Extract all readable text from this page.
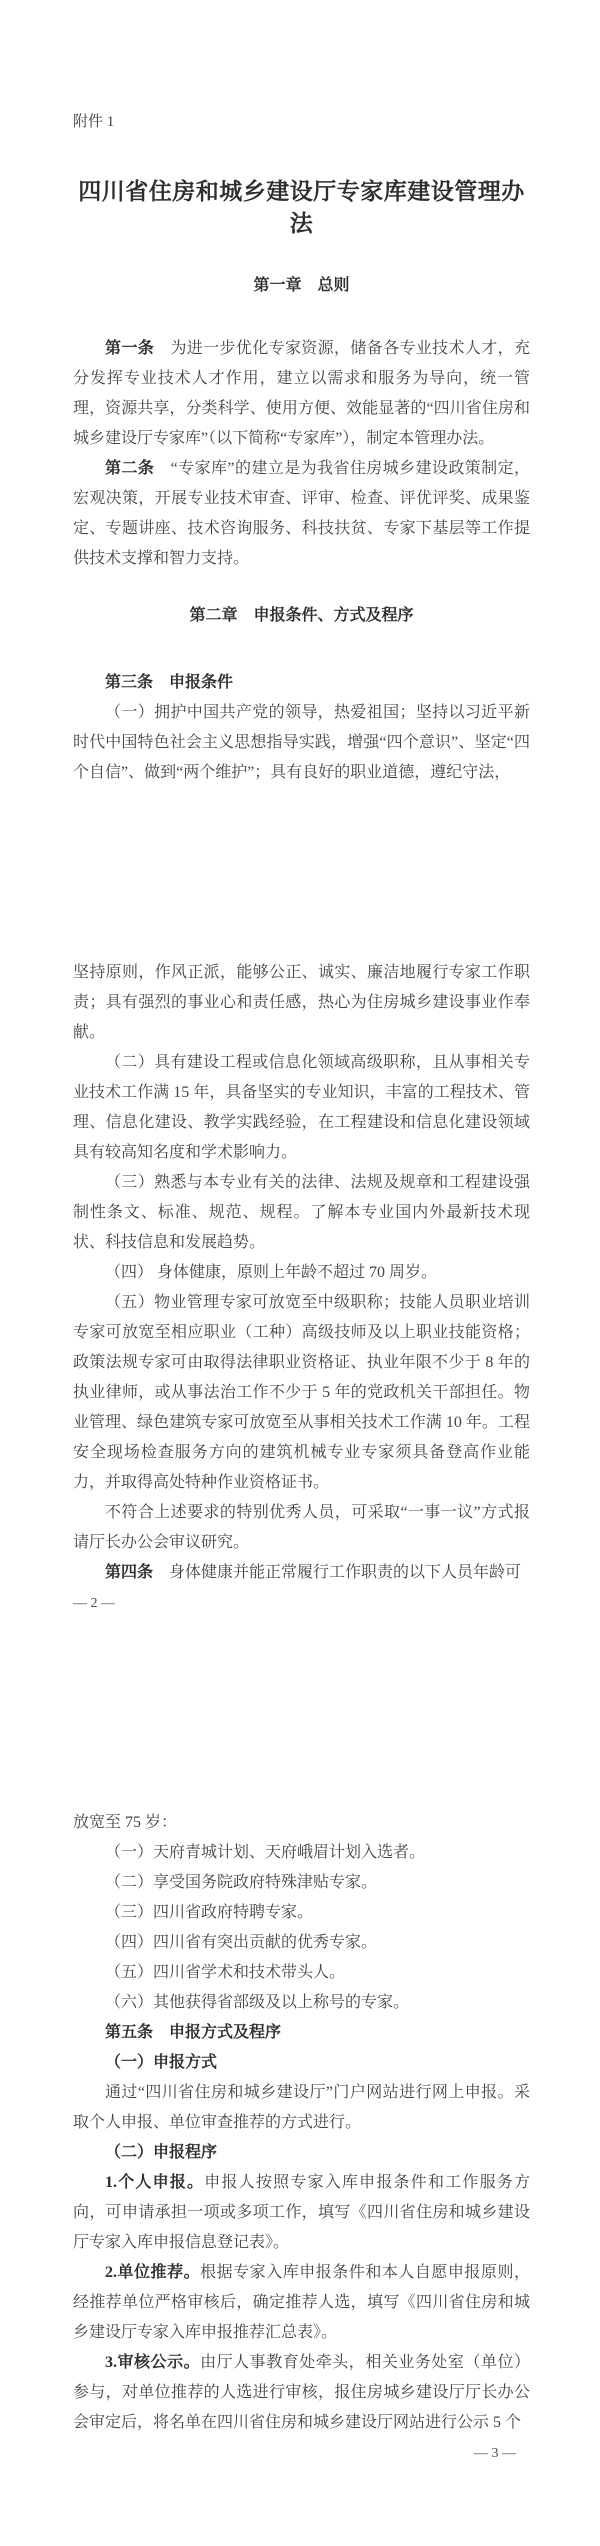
附件 1
四川省住房和城乡建设厅专家库建设管理办法
第一章　总则

第一条　为进一步优化专家资源，储备各专业技术人才，充分发挥专业技术人才作用，建立以需求和服务为导向，统一管理，资源共享，分类科学、使用方便、效能显著的“四川省住房和城乡建设厅专家库”（以下简称“专家库”），制定本管理办法。

第二条　“专家库”的建立是为我省住房城乡建设政策制定，宏观决策，开展专业技术审查、评审、检查、评优评奖、成果鉴定、专题讲座、技术咨询服务、科技扶贫、专家下基层等工作提供技术支撑和智力支持。

第二章　申报条件、方式及程序

第三条　申报条件

（一）拥护中国共产党的领导，热爱祖国；坚持以习近平新时代中国特色社会主义思想指导实践，增强“四个意识”、坚定“四个自信”、做到“两个维护”；具有良好的职业道德，遵纪守法，

坚持原则，作风正派，能够公正、诚实、廉洁地履行专家工作职责；具有强烈的事业心和责任感，热心为住房城乡建设事业作奉献。

（二）具有建设工程或信息化领域高级职称，且从事相关专业技术工作满 15 年，具备坚实的专业知识，丰富的工程技术、管理、信息化建设、教学实践经验，在工程建设和信息化建设领域具有较高知名度和学术影响力。

（三）熟悉与本专业有关的法律、法规及规章和工程建设强制性条文、标准、规范、规程。了解本专业国内外最新技术现状、科技信息和发展趋势。

（四） 身体健康，原则上年龄不超过 70 周岁。

（五）物业管理专家可放宽至中级职称；技能人员职业培训专家可放宽至相应职业（工种）高级技师及以上职业技能资格；政策法规专家可由取得法律职业资格证、执业年限不少于 8 年的执业律师，或从事法治工作不少于 5 年的党政机关干部担任。物业管理、绿色建筑专家可放宽至从事相关技术工作满 10 年。工程安全现场检查服务方向的建筑机械专业专家须具备登高作业能力，并取得高处特种作业资格证书。

不符合上述要求的特别优秀人员，可采取“一事一议”方式报请厅长办公会审议研究。

第四条　身体健康并能正常履行工作职责的以下人员年龄可

— 2 —

放宽至 75 岁：

（一）天府青城计划、天府峨眉计划入选者。

（二）享受国务院政府特殊津贴专家。

（三）四川省政府特聘专家。

（四）四川省有突出贡献的优秀专家。

（五）四川省学术和技术带头人。

（六）其他获得省部级及以上称号的专家。

第五条　申报方式及程序

（一）申报方式

通过“四川省住房和城乡建设厅”门户网站进行网上申报。采取个人申报、单位审查推荐的方式进行。

（二）申报程序

1.个人申报。申报人按照专家入库申报条件和工作服务方向，可申请承担一项或多项工作，填写《四川省住房和城乡建设厅专家入库申报信息登记表》。

2.单位推荐。根据专家入库申报条件和本人自愿申报原则，经推荐单位严格审核后，确定推荐人选，填写《四川省住房和城乡建设厅专家入库申报推荐汇总表》。

3.审核公示。由厅人事教育处牵头，相关业务处室（单位）参与，对单位推荐的人选进行审核，报住房城乡建设厅厅长办公会审定后，将名单在四川省住房和城乡建设厅网站进行公示 5 个

— 3 —
